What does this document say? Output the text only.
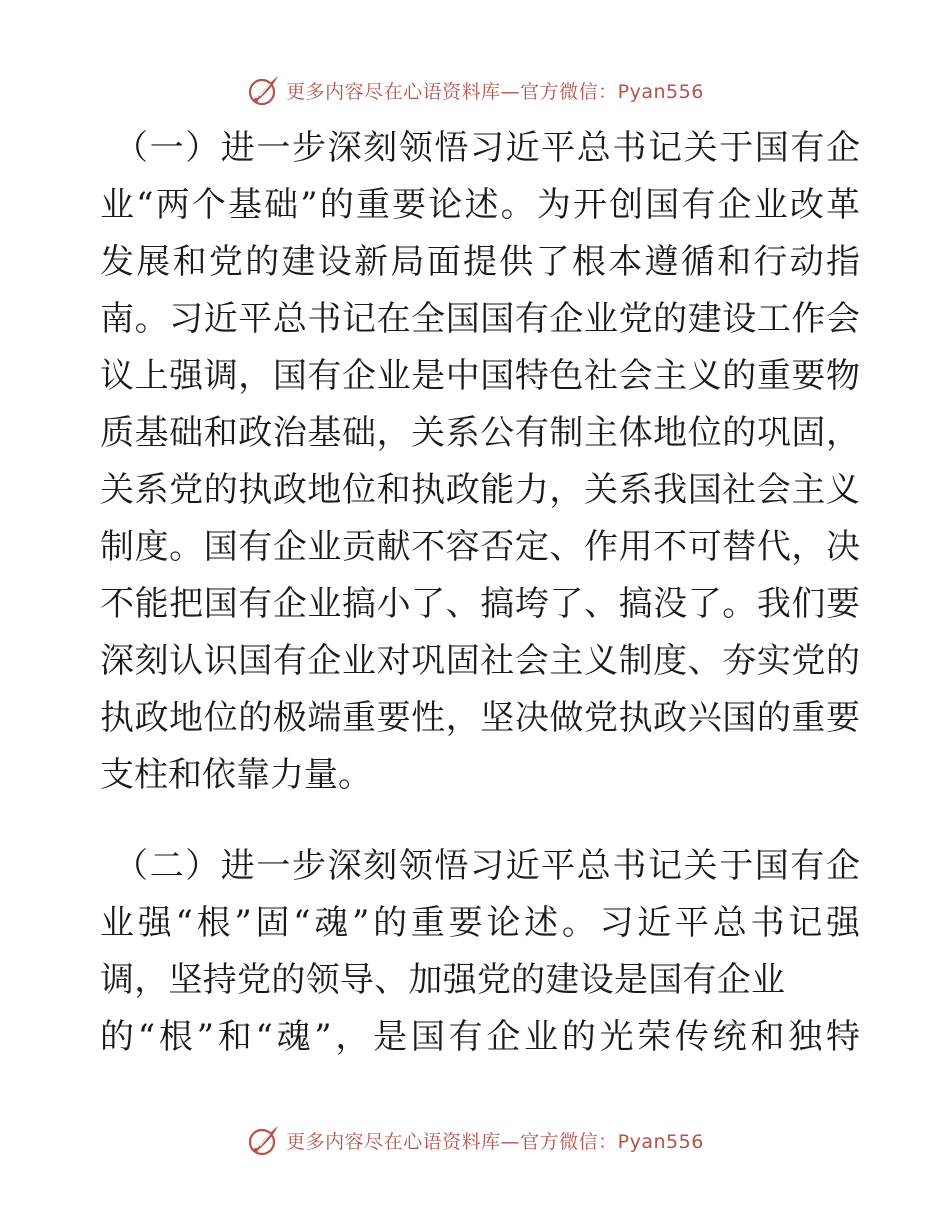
更多内容尽在心语资料库—官方微信：Pyan556
（一）进一步深刻领悟习近平总书记关于国有企
业“两个基础”的重要论述。为开创国有企业改革
发展和党的建设新局面提供了根本遵循和行动指
南。习近平总书记在全国国有企业党的建设工作会
议上强调，国有企业是中国特色社会主义的重要物
质基础和政治基础，关系公有制主体地位的巩固，
关系党的执政地位和执政能力，关系我国社会主义
制度。国有企业贡献不容否定、作用不可替代，决
不能把国有企业搞小了、搞垮了、搞没了。我们要
深刻认识国有企业对巩固社会主义制度、夯实党的
执政地位的极端重要性，坚决做党执政兴国的重要
支柱和依靠力量。
（二）进一步深刻领悟习近平总书记关于国有企
业强“根”固“魂”的重要论述。习近平总书记强
调，坚持党的领导、加强党的建设是国有企业
的“根”和“魂”，是国有企业的光荣传统和独特
更多内容尽在心语资料库—官方微信：Pyan556
